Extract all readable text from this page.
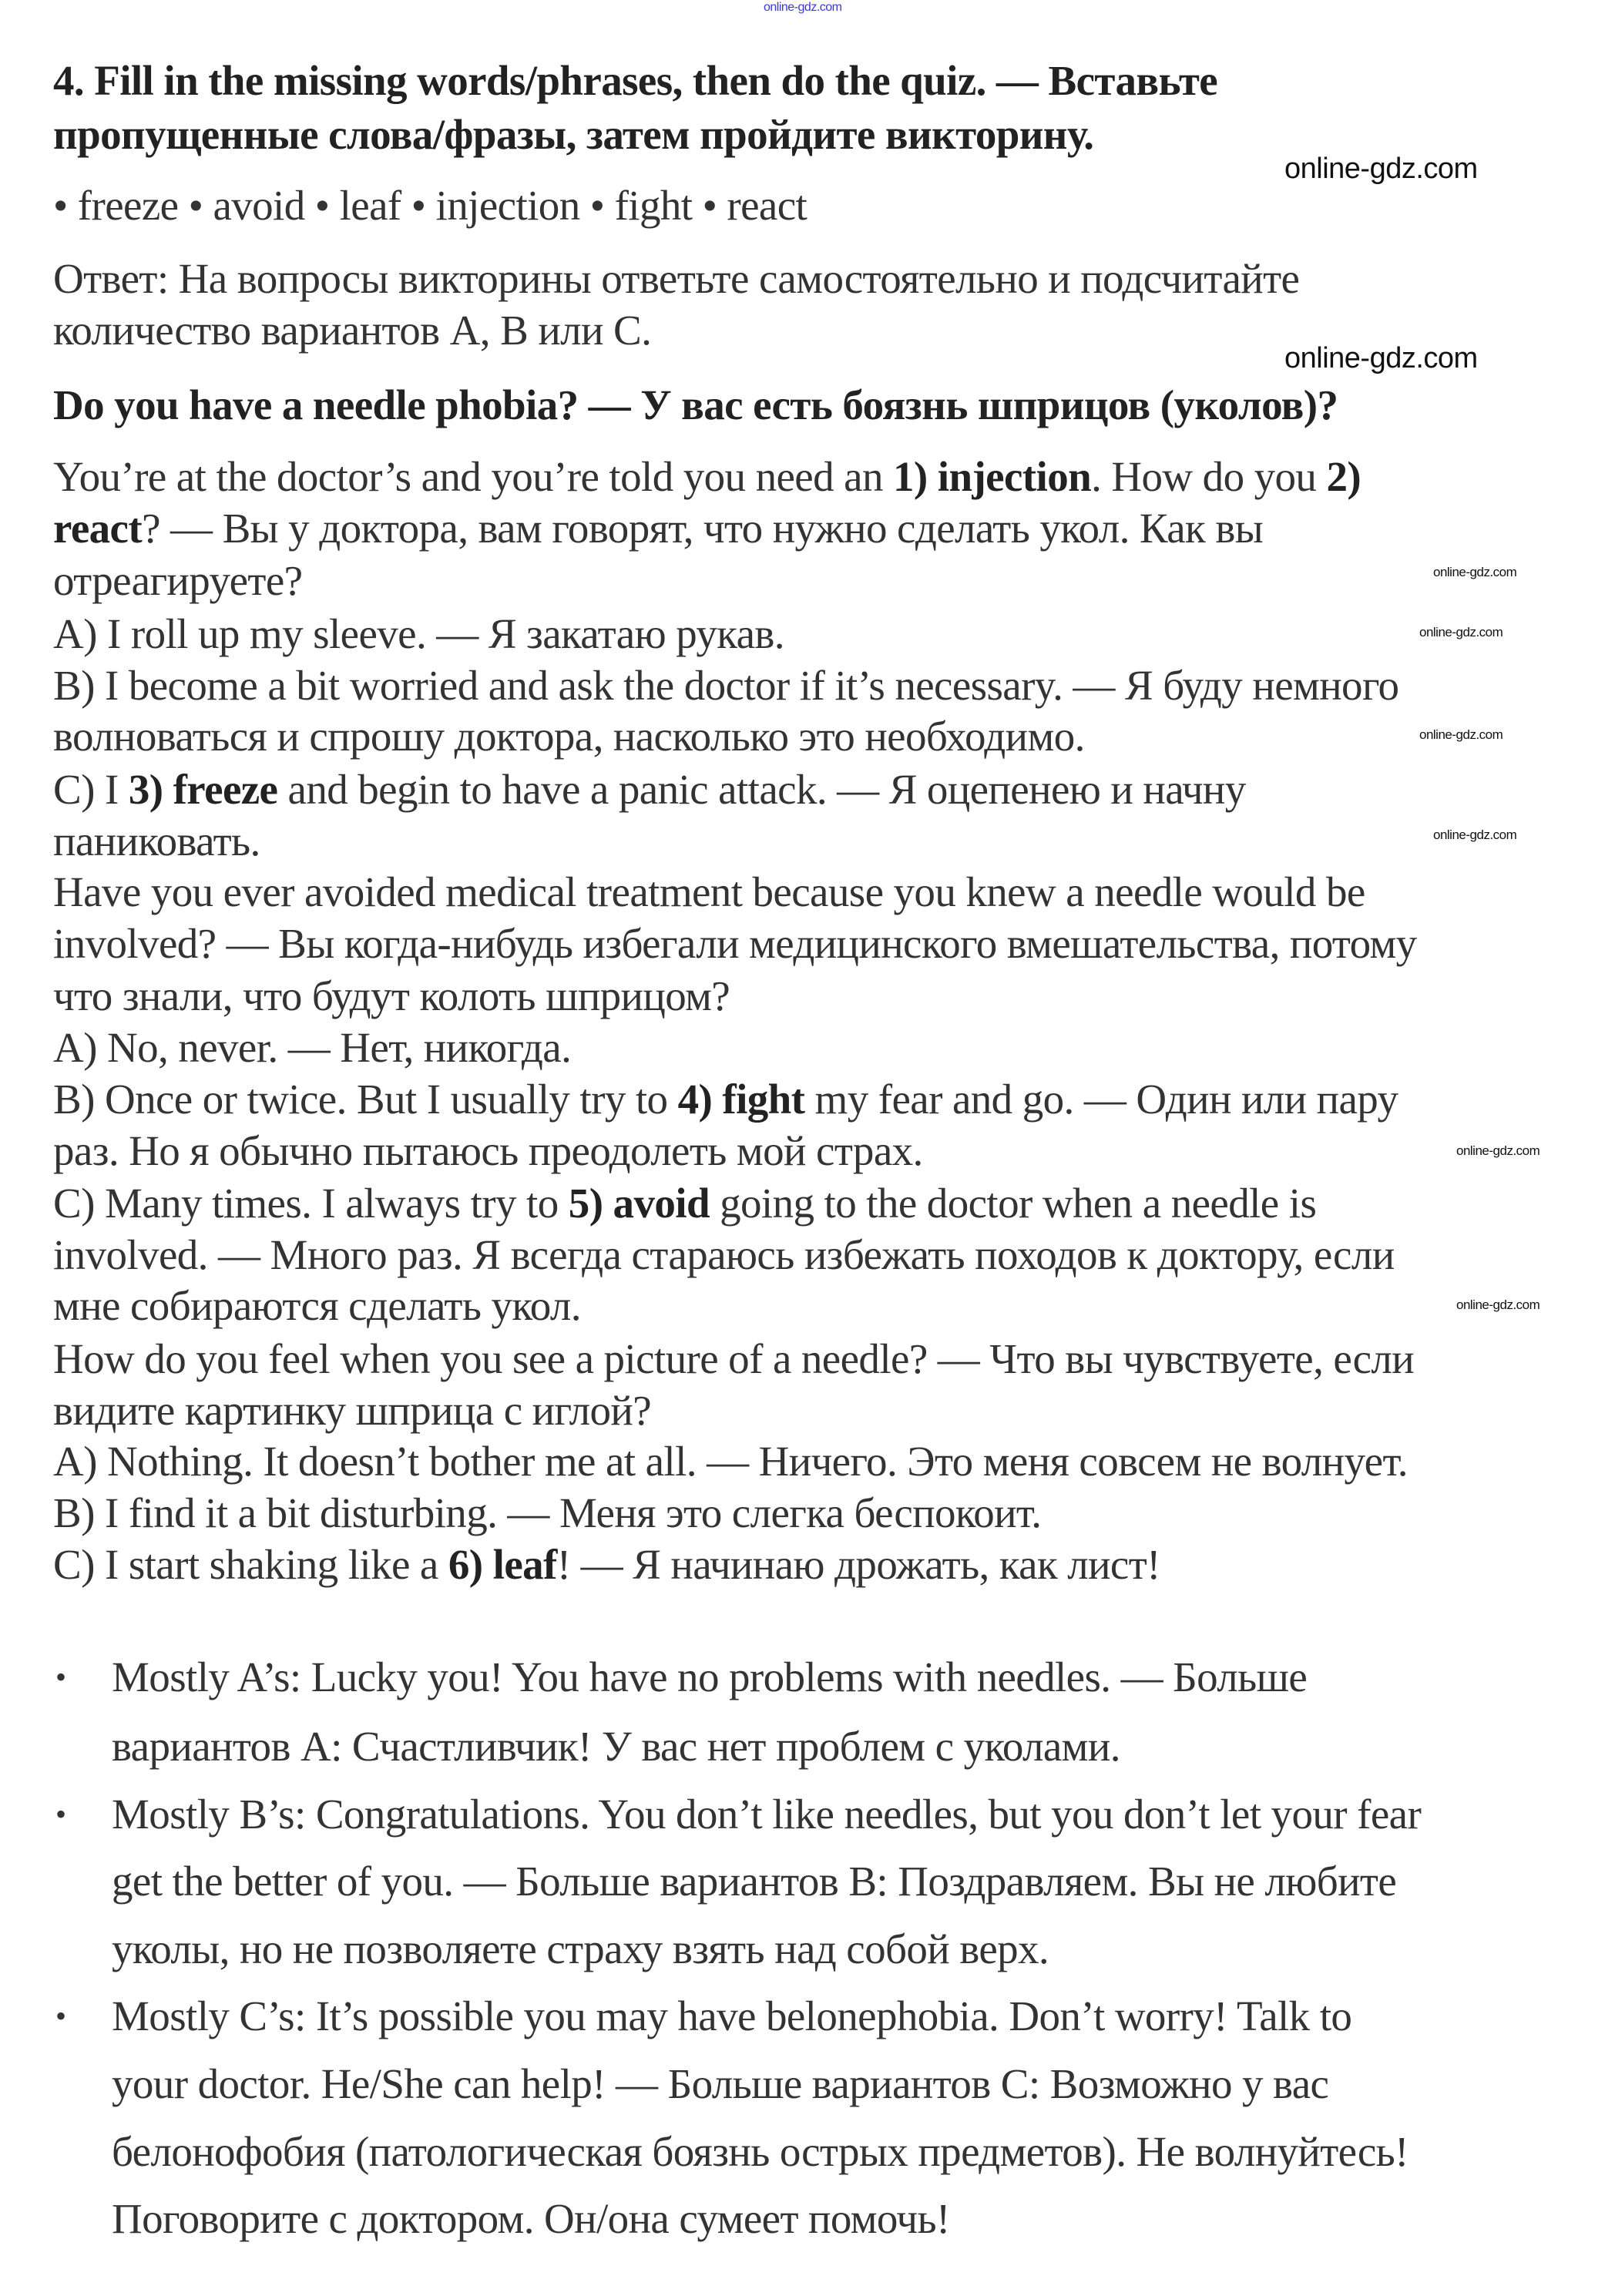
online-gdz.com
4. Fill in the missing words/phrases, then do the quiz. — Вставьте
пропущенные слова/фразы, затем пройдите викторину.
• freeze • avoid • leaf • injection • fight • react
Ответ: На вопросы викторины ответьте самостоятельно и подсчитайте
количество вариантов А, В или С.
Do you have a needle phobia? — У вас есть боязнь шприцов (уколов)?
You’re at the doctor’s and you’re told you need an 1) injection. How do you 2)
react? — Вы у доктора, вам говорят, что нужно сделать укол. Как вы
отреагируете?
A) I roll up my sleeve. — Я закатаю рукав.
B) I become a bit worried and ask the doctor if it’s necessary. — Я буду немного
волноваться и спрошу доктора, насколько это необходимо.
C) I 3) freeze and begin to have a panic attack. — Я оцепенею и начну
паниковать.
Have you ever avoided medical treatment because you knew a needle would be
involved? — Вы когда-нибудь избегали медицинского вмешательства, потому
что знали, что будут колоть шприцом?
A) No, never. — Нет, никогда.
B) Once or twice. But I usually try to 4) fight my fear and go. — Один или пару
раз. Но я обычно пытаюсь преодолеть мой страх.
C) Many times. I always try to 5) avoid going to the doctor when a needle is
involved. — Много раз. Я всегда стараюсь избежать походов к доктору, если
мне собираются сделать укол.
How do you feel when you see a picture of a needle? — Что вы чувствуете, если
видите картинку шприца с иглой?
A) Nothing. It doesn’t bother me at all. — Ничего. Это меня совсем не волнует.
B) I find it a bit disturbing. — Меня это слегка беспокоит.
C) I start shaking like a 6) leaf! — Я начинаю дрожать, как лист!
• Mostly A’s: Lucky you! You have no problems with needles. — Больше
вариантов А: Счастливчик! У вас нет проблем с уколами.
• Mostly B’s: Congratulations. You don’t like needles, but you don’t let your fear
get the better of you. — Больше вариантов В: Поздравляем. Вы не любите
уколы, но не позволяете страху взять над собой верх.
• Mostly C’s: It’s possible you may have belonephobia. Don’t worry! Talk to
your doctor. He/She can help! — Больше вариантов С: Возможно у вас
белонофобия (патологическая боязнь острых предметов). Не волнуйтесь!
Поговорите с доктором. Он/она сумеет помочь!
online-gdz.com
online-gdz.com
online-gdz.com
online-gdz.com
online-gdz.com
online-gdz.com
online-gdz.com
online-gdz.com
